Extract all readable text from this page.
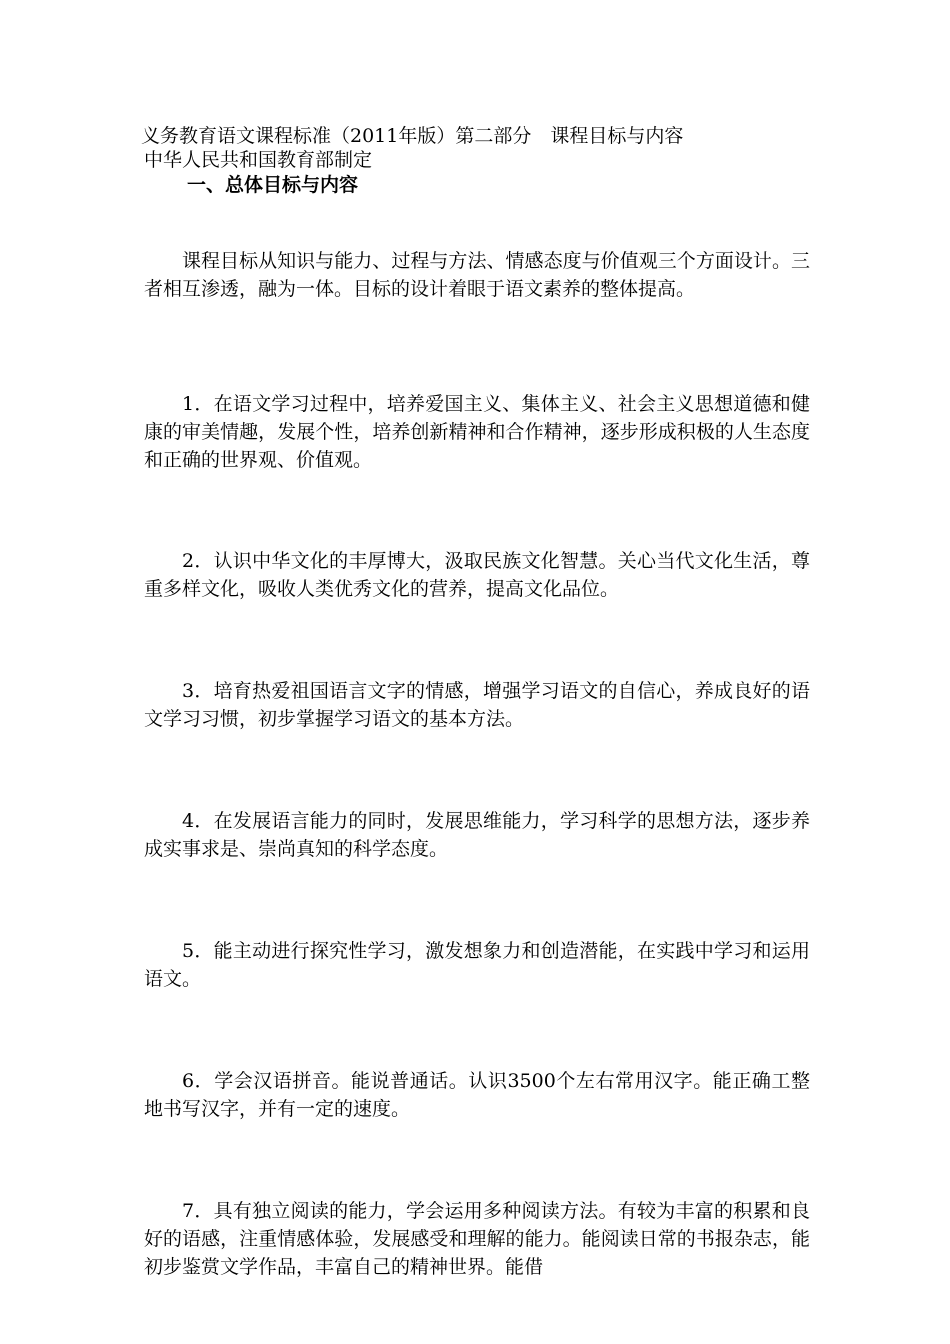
义务教育语文课程标准（2011年版）第二部分　课程目标与内容
中华人民共和国教育部制定
一、总体目标与内容

课程目标从知识与能力、过程与方法、情感态度与价值观三个方面设计。三者相互渗透，融为一体。目标的设计着眼于语文素养的整体提高。

1．在语文学习过程中，培养爱国主义、集体主义、社会主义思想道德和健康的审美情趣，发展个性，培养创新精神和合作精神，逐步形成积极的人生态度和正确的世界观、价值观。

2．认识中华文化的丰厚博大，汲取民族文化智慧。关心当代文化生活，尊重多样文化，吸收人类优秀文化的营养，提高文化品位。

3．培育热爱祖国语言文字的情感，增强学习语文的自信心，养成良好的语文学习习惯，初步掌握学习语文的基本方法。

4．在发展语言能力的同时，发展思维能力，学习科学的思想方法，逐步养成实事求是、崇尚真知的科学态度。

5．能主动进行探究性学习，激发想象力和创造潜能，在实践中学习和运用语文。

6．学会汉语拼音。能说普通话。认识3500个左右常用汉字。能正确工整地书写汉字，并有一定的速度。

7．具有独立阅读的能力，学会运用多种阅读方法。有较为丰富的积累和良好的语感，注重情感体验，发展感受和理解的能力。能阅读日常的书报杂志，能初步鉴赏文学作品，丰富自己的精神世界。能借
